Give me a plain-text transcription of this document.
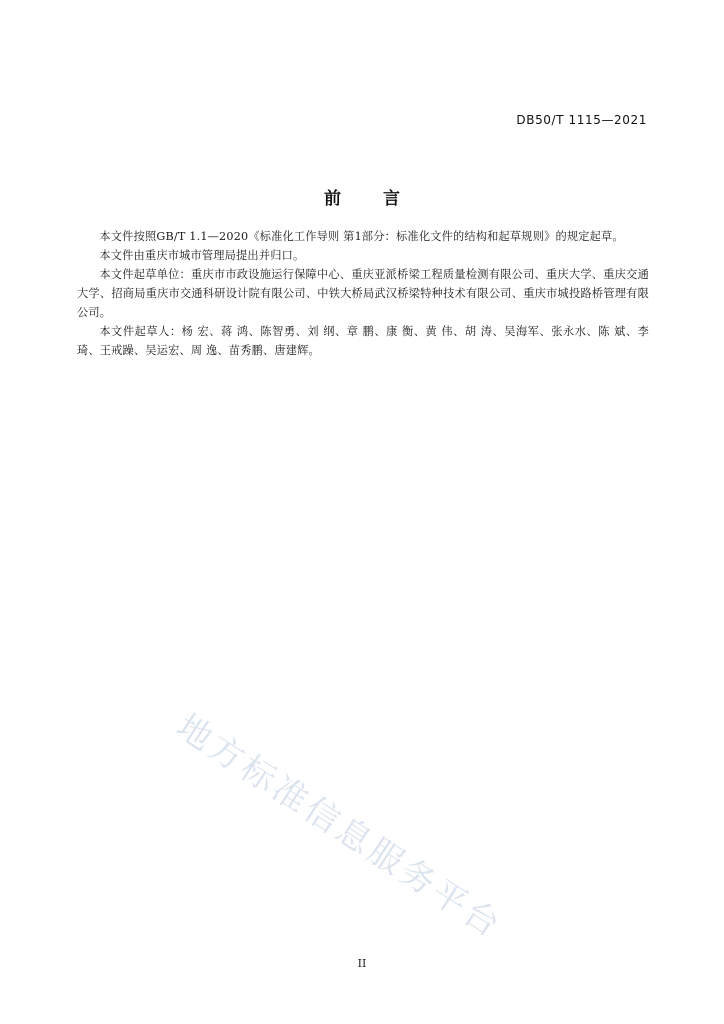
DB50/T 1115—2021
前 言

本文件按照GB/T 1.1—2020《标准化工作导则 第1部分：标准化文件的结构和起草规则》的规定起草。

本文件由重庆市城市管理局提出并归口。

本文件起草单位：重庆市市政设施运行保障中心、重庆亚派桥梁工程质量检测有限公司、重庆大学、重庆交通大学、招商局重庆市交通科研设计院有限公司、中铁大桥局武汉桥梁特种技术有限公司、重庆市城投路桥管理有限公司。

本文件起草人：杨 宏、蒋 鸿、陈智勇、刘 纲、章 鹏、康 衡、黄 伟、胡 涛、吴海军、张永水、陈 斌、李 琦、王戒躁、吴运宏、周 逸、苗秀鹏、唐建辉。

地方标准信息服务平台
II
